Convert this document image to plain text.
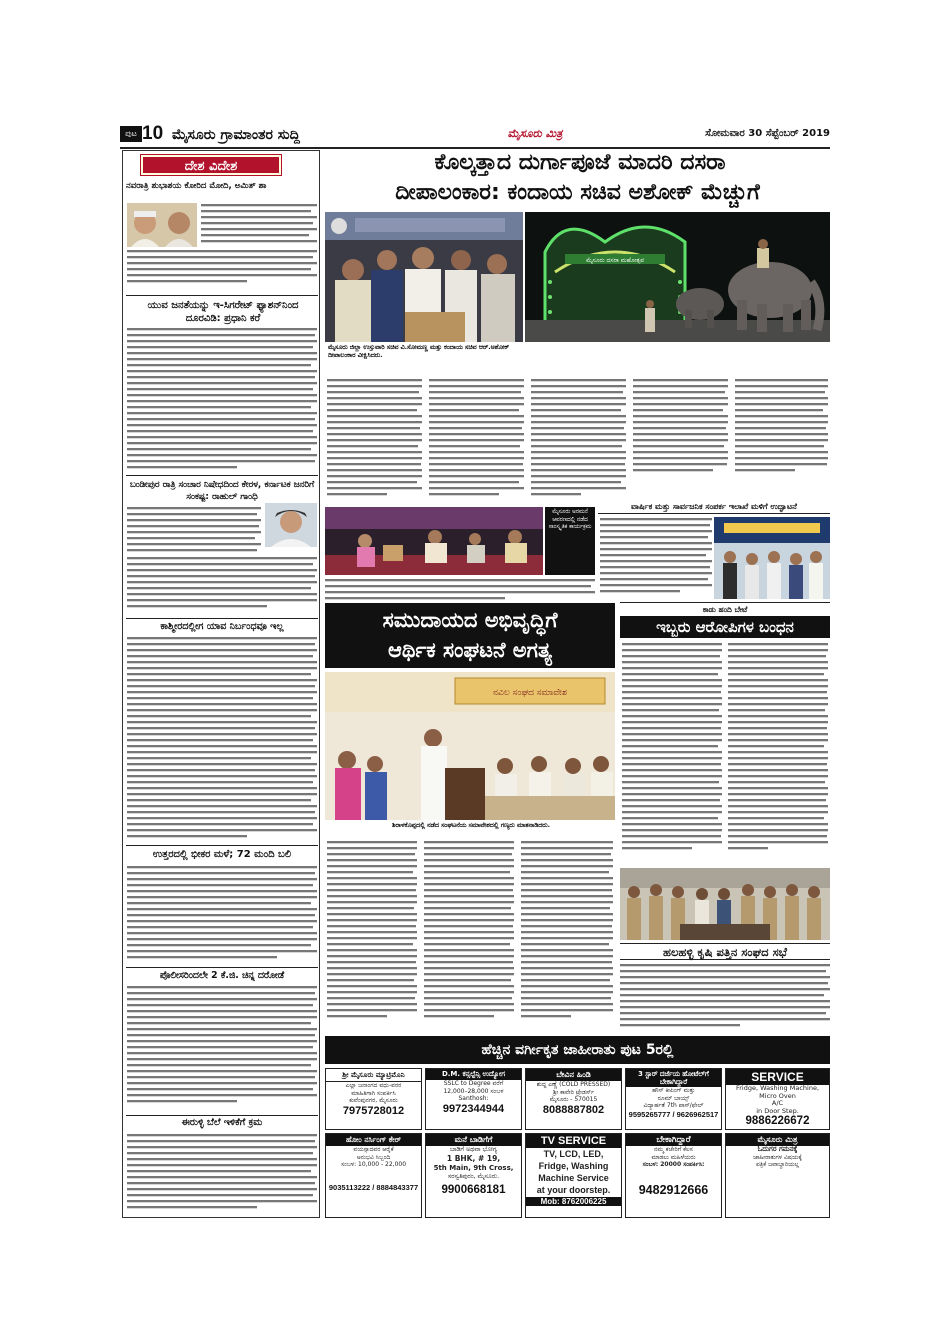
ಪುಟ 10 ಮೈಸೂರು ಗ್ರಾಮಾಂತರ ಸುದ್ದಿ	ಮೈಸೂರು ಮಿತ್ರ	ಸೋಮವಾರ 30 ಸೆಪ್ಟೆಂಬರ್ 2019
ದೇಶ ವಿದೇಶ
ನವರಾತ್ರಿ ಶುಭಾಶಯ ಕೋರಿದ ಮೋದಿ, ಅಮಿತ್ ಶಾ
ಯುವ ಜನತೆಯನ್ನು ಇ-ಸಿಗರೇಟ್ ಫ್ಯಾಶನ್‌ನಿಂದ ದೂರವಿಡಿ: ಪ್ರಧಾನಿ ಕರೆ
ಬಂಡೀಪುರ ರಾತ್ರಿ ಸಂಚಾರ ನಿಷೇಧದಿಂದ ಕೇರಳ, ಕರ್ನಾಟಕ ಜನರಿಗೆ ಸಂಕಷ್ಟ: ರಾಹುಲ್ ಗಾಂಧಿ
ಕಾಶ್ಮೀರದಲ್ಲೀಗ ಯಾವ ನಿರ್ಬಂಧವೂ ಇಲ್ಲ
ಉತ್ತರದಲ್ಲಿ ಭೀಕರ ಮಳೆ; 72 ಮಂದಿ ಬಲಿ
ಪೊಲೀಸರಿಂದಲೇ 2 ಕೆ.ಜಿ. ಚಿನ್ನ ದರೋಡೆ
ಈರುಳ್ಳಿ ಬೆಲೆ ಇಳಿಕೆಗೆ ಕ್ರಮ
ಕೊಲ್ಕತ್ತಾದ ದುರ್ಗಾಪೂಜೆ ಮಾದರಿ ದಸರಾ
ದೀಪಾಲಂಕಾರ: ಕಂದಾಯ ಸಚಿವ ಅಶೋಕ್ ಮೆಚ್ಚುಗೆ
ಮೈಸೂರು ದಸರಾ ಮಹೋತ್ಸವ
ಮೈಸೂರು ಜಿಲ್ಲಾ ಉಸ್ತುವಾರಿ ಸಚಿವ ವಿ.ಸೋಮಣ್ಣ ಮತ್ತು ಕಂದಾಯ ಸಚಿವ ಆರ್.ಅಶೋಕ್ ದೀಪಾಲಂಕಾರ ವೀಕ್ಷಿಸಿದರು.
ಮೈಸೂರು ಅರಮನೆ ಆವರಣದಲ್ಲಿ ನಡೆದ ಸಾಂಸ್ಕೃತಿಕ ಕಾರ್ಯಕ್ರಮ
ವಾರ್ಷಿಕ ಮತ್ತು ಸಾರ್ವಜನಿಕ ಸಂಪರ್ಕ ಇಲಾಖೆ ಮಳಿಗೆ ಉದ್ಘಾಟನೆ
ಸಮುದಾಯದ ಅಭಿವೃದ್ಧಿಗೆ
ಆರ್ಥಿಕ ಸಂಘಟನೆ ಅಗತ್ಯ
ನವಿಲ ಸಂಘದ ಸಮಾವೇಶ
ಶಿರಾಳಕೊಪ್ಪದಲ್ಲಿ ನಡೆದ ಸಂಘಟನೆಯ ಸಮಾವೇಶದಲ್ಲಿ ಗಣ್ಯರು ಮಾತನಾಡಿದರು.
ಕಾಡು ಹಂದಿ ಬೇಟೆ
ಇಬ್ಬರು ಆರೋಪಿಗಳ ಬಂಧನ
ಹಲಹಳ್ಳಿ ಕೃಷಿ ಪತ್ತಿನ ಸಂಘದ ಸಭೆ
ಹೆಚ್ಚಿನ ವರ್ಗೀಕೃತ ಜಾಹೀರಾತು ಪುಟ 5ರಲ್ಲಿ
ಶ್ರೀ ಮೈಸೂರು ಮ್ಯಾಟ್ರಿಮೊನಿ
ಎಲ್ಲಾ ಜನಾಂಗದ ವಧು-ವರರ
ಮಾಹಿತಿಗಾಗಿ ಸಂಪರ್ಕಿಸಿ
ಕುವೆಂಪುನಗರ, ಮೈಸೂರು
7975728012
D.M. ಕನ್ಸಲ್ಟೆನ್ಸಿ ಉದ್ಯೋಗ
SSLC to Degree ವರೆಗೆ
12,000–28,000 ಸಂಬಳ
Santhosh:
9972344944
ಬೇವಿನ ಹಿಂಡಿ
ಶುದ್ಧ ಎಣ್ಣೆ (COLD PRESSED)
ಶ್ರೀ ಕಾವೇರಿ ಟ್ರೇಡರ್ಸ್
ಮೈಸೂರು - 570015
8088887802
3 ಸ್ಟಾರ್ ದರ್ಜೆಯ ಹೋಟೆಲ್‌ಗೆ ಬೇಕಾಗಿದ್ದಾರೆ
ಹೌಸ್ ಕೀಪಿಂಗ್ ಮತ್ತು
ರೂಮ್ ಬಾಯ್ಸ್
ವಿದ್ಯಾರ್ಹತೆ 7th ಪಾಸ್/ಫೇಲ್
9595265777 / 9626962517
SERVICE
Fridge, Washing Machine,
Micro Oven
A/C
in Door Step.
9886226672
ಹೋಂ ನರ್ಸಿಂಗ್ ಕೇರ್
ವಯಸ್ಸಾದವರ ಆರೈಕೆ
ಅನುಭವಿ ಸಿಬ್ಬಂದಿ
ಸಂಬಳ: 10,000 - 22,000
9035113222 / 8884843377
ಮನೆ ಬಾಡಿಗೆಗೆ
ಬಾಡಿಗೆ ಅಥವಾ ಭೋಗ್ಯ
1 BHK, # 19,
5th Main, 9th Cross,
ಸರಸ್ವತಿಪುರಂ, ಮೈಸೂರು.
9900668181
TV SERVICE
TV, LCD, LED,
Fridge, Washing
Machine Service
at your doorstep.
Mob: 8762006225
ಬೇಕಾಗಿದ್ದಾರೆ
ನಮ್ಮ ಕಚೇರಿಗೆ ಕೆಲಸ
ಮಾಡಲು ಮಹಿಳೆಯರು
ಸಂಬಳ: 20000 ಸಂಪರ್ಕಿಸಿ:
9482912666
ಮೈಸೂರು ಮಿತ್ರ
ಓದುಗರ ಗಮನಕ್ಕೆ
ಜಾಹೀರಾತುಗಳ ವಿಷಯಕ್ಕೆ
ಪತ್ರಿಕೆ ಜವಾಬ್ದಾರಿಯಲ್ಲ
